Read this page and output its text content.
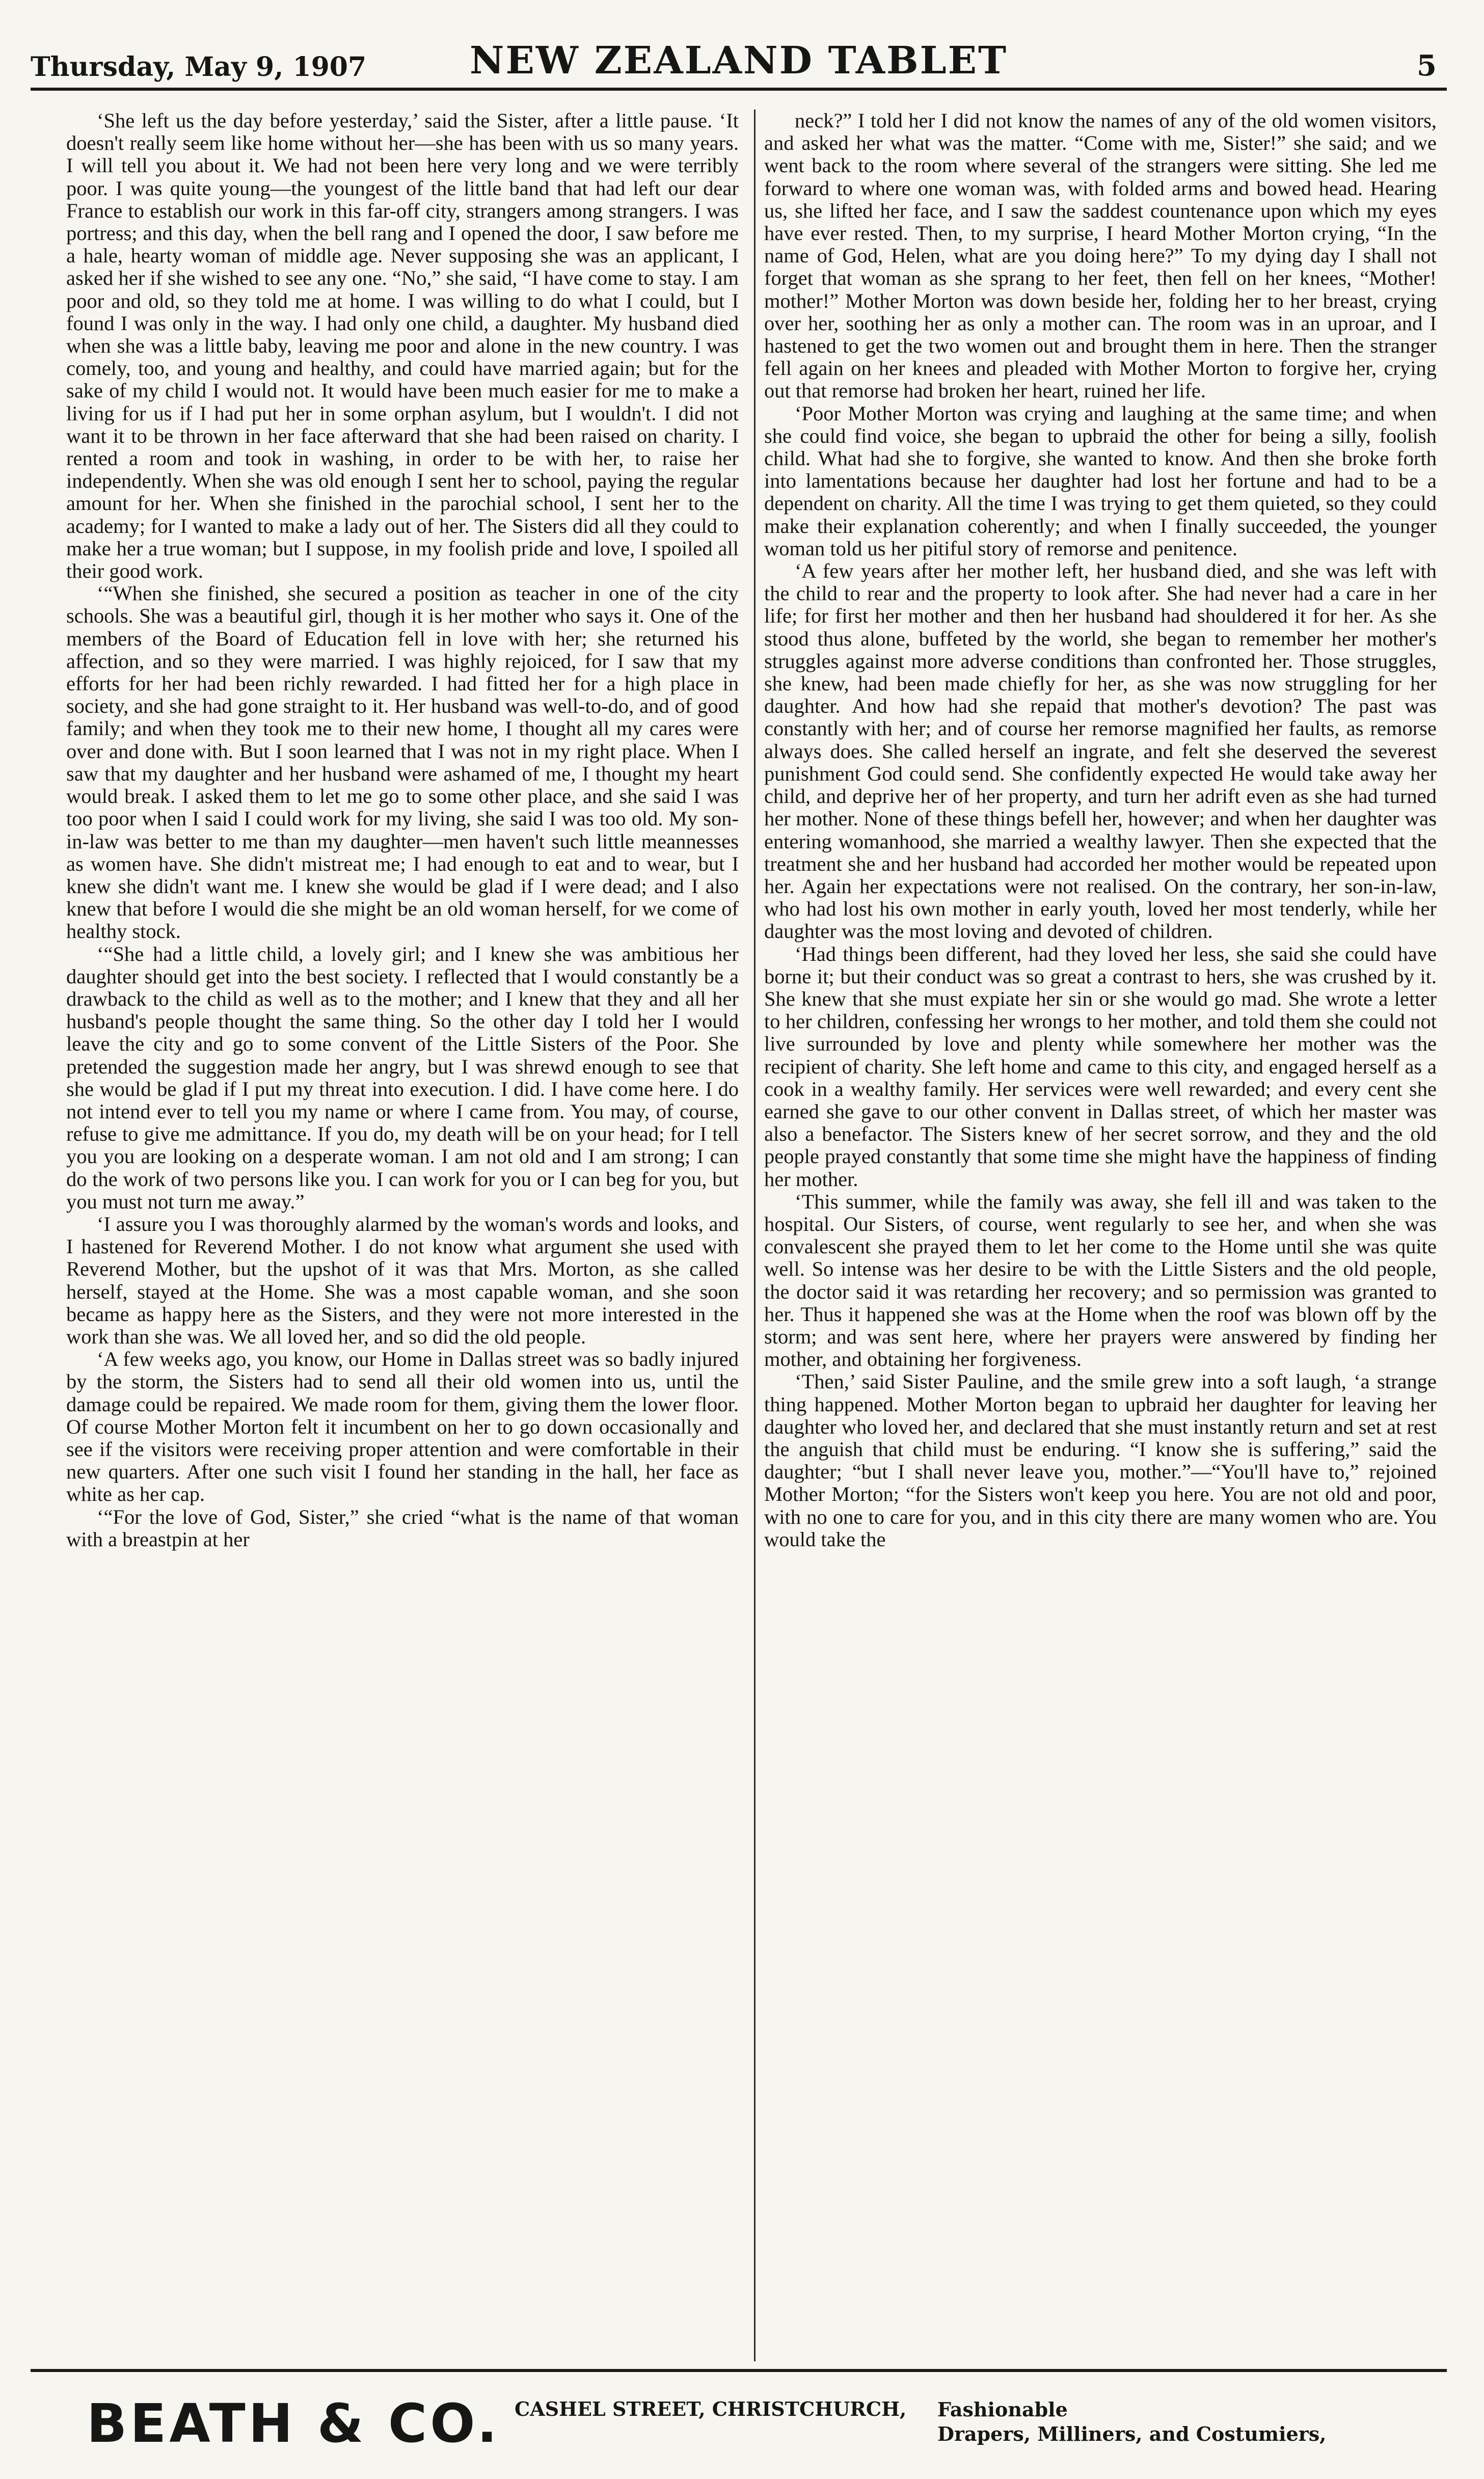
Thursday, May 9, 1907	NEW ZEALAND TABLET	5

‘She left us the day before yesterday,’ said the Sister, after a little pause. ‘It doesn't really seem like home without her—she has been with us so many years. I will tell you about it. We had not been here very long and we were terribly poor. I was quite young—the youngest of the little band that had left our dear France to establish our work in this far-off city, strangers among strangers. I was portress; and this day, when the bell rang and I opened the door, I saw before me a hale, hearty woman of middle age. Never supposing she was an applicant, I asked her if she wished to see any one. “No,” she said, “I have come to stay. I am poor and old, so they told me at home. I was willing to do what I could, but I found I was only in the way. I had only one child, a daughter. My husband died when she was a little baby, leaving me poor and alone in the new country. I was comely, too, and young and healthy, and could have married again; but for the sake of my child I would not. It would have been much easier for me to make a living for us if I had put her in some orphan asylum, but I wouldn't. I did not want it to be thrown in her face afterward that she had been raised on charity. I rented a room and took in washing, in order to be with her, to raise her independently. When she was old enough I sent her to school, paying the regular amount for her. When she finished in the parochial school, I sent her to the academy; for I wanted to make a lady out of her. The Sisters did all they could to make her a true woman; but I suppose, in my foolish pride and love, I spoiled all their good work.

‘“When she finished, she secured a position as teacher in one of the city schools. She was a beautiful girl, though it is her mother who says it. One of the members of the Board of Education fell in love with her; she returned his affection, and so they were married. I was highly rejoiced, for I saw that my efforts for her had been richly rewarded. I had fitted her for a high place in society, and she had gone straight to it. Her husband was well-to-do, and of good family; and when they took me to their new home, I thought all my cares were over and done with. But I soon learned that I was not in my right place. When I saw that my daughter and her husband were ashamed of me, I thought my heart would break. I asked them to let me go to some other place, and she said I was too poor when I said I could work for my living, she said I was too old. My son-in-law was better to me than my daughter—men haven't such little meannesses as women have. She didn't mistreat me; I had enough to eat and to wear, but I knew she didn't want me. I knew she would be glad if I were dead; and I also knew that before I would die she might be an old woman herself, for we come of healthy stock.

‘“She had a little child, a lovely girl; and I knew she was ambitious her daughter should get into the best society. I reflected that I would constantly be a drawback to the child as well as to the mother; and I knew that they and all her husband's people thought the same thing. So the other day I told her I would leave the city and go to some convent of the Little Sisters of the Poor. She pretended the suggestion made her angry, but I was shrewd enough to see that she would be glad if I put my threat into execution. I did. I have come here. I do not intend ever to tell you my name or where I came from. You may, of course, refuse to give me admittance. If you do, my death will be on your head; for I tell you you are looking on a desperate woman. I am not old and I am strong; I can do the work of two persons like you. I can work for you or I can beg for you, but you must not turn me away.”

‘I assure you I was thoroughly alarmed by the woman's words and looks, and I hastened for Reverend Mother. I do not know what argument she used with Reverend Mother, but the upshot of it was that Mrs. Morton, as she called herself, stayed at the Home. She was a most capable woman, and she soon became as happy here as the Sisters, and they were not more interested in the work than she was. We all loved her, and so did the old people.

‘A few weeks ago, you know, our Home in Dallas street was so badly injured by the storm, the Sisters had to send all their old women into us, until the damage could be repaired. We made room for them, giving them the lower floor. Of course Mother Morton felt it incumbent on her to go down occasionally and see if the visitors were receiving proper attention and were comfortable in their new quarters. After one such visit I found her standing in the hall, her face as white as her cap.

‘“For the love of God, Sister,” she cried “what is the name of that woman with a breastpin at her

neck?” I told her I did not know the names of any of the old women visitors, and asked her what was the matter. “Come with me, Sister!” she said; and we went back to the room where several of the strangers were sitting. She led me forward to where one woman was, with folded arms and bowed head. Hearing us, she lifted her face, and I saw the saddest countenance upon which my eyes have ever rested. Then, to my surprise, I heard Mother Morton crying, “In the name of God, Helen, what are you doing here?” To my dying day I shall not forget that woman as she sprang to her feet, then fell on her knees, “Mother! mother!” Mother Morton was down beside her, folding her to her breast, crying over her, soothing her as only a mother can. The room was in an uproar, and I hastened to get the two women out and brought them in here. Then the stranger fell again on her knees and pleaded with Mother Morton to forgive her, crying out that remorse had broken her heart, ruined her life.

‘Poor Mother Morton was crying and laughing at the same time; and when she could find voice, she began to upbraid the other for being a silly, foolish child. What had she to forgive, she wanted to know. And then she broke forth into lamentations because her daughter had lost her fortune and had to be a dependent on charity. All the time I was trying to get them quieted, so they could make their explanation coherently; and when I finally succeeded, the younger woman told us her pitiful story of remorse and penitence.

‘A few years after her mother left, her husband died, and she was left with the child to rear and the property to look after. She had never had a care in her life; for first her mother and then her husband had shouldered it for her. As she stood thus alone, buffeted by the world, she began to remember her mother's struggles against more adverse conditions than confronted her. Those struggles, she knew, had been made chiefly for her, as she was now struggling for her daughter. And how had she repaid that mother's devotion? The past was constantly with her; and of course her remorse magnified her faults, as remorse always does. She called herself an ingrate, and felt she deserved the severest punishment God could send. She confidently expected He would take away her child, and deprive her of her property, and turn her adrift even as she had turned her mother. None of these things befell her, however; and when her daughter was entering womanhood, she married a wealthy lawyer. Then she expected that the treatment she and her husband had accorded her mother would be repeated upon her. Again her expectations were not realised. On the contrary, her son-in-law, who had lost his own mother in early youth, loved her most tenderly, while her daughter was the most loving and devoted of children.

‘Had things been different, had they loved her less, she said she could have borne it; but their conduct was so great a contrast to hers, she was crushed by it. She knew that she must expiate her sin or she would go mad. She wrote a letter to her children, confessing her wrongs to her mother, and told them she could not live surrounded by love and plenty while somewhere her mother was the recipient of charity. She left home and came to this city, and engaged herself as a cook in a wealthy family. Her services were well rewarded; and every cent she earned she gave to our other convent in Dallas street, of which her master was also a benefactor. The Sisters knew of her secret sorrow, and they and the old people prayed constantly that some time she might have the happiness of finding her mother.

‘This summer, while the family was away, she fell ill and was taken to the hospital. Our Sisters, of course, went regularly to see her, and when she was convalescent she prayed them to let her come to the Home until she was quite well. So intense was her desire to be with the Little Sisters and the old people, the doctor said it was retarding her recovery; and so permission was granted to her. Thus it happened she was at the Home when the roof was blown off by the storm; and was sent here, where her prayers were answered by finding her mother, and obtaining her forgiveness.

‘Then,’ said Sister Pauline, and the smile grew into a soft laugh, ‘a strange thing happened. Mother Morton began to upbraid her daughter for leaving her daughter who loved her, and declared that she must instantly return and set at rest the anguish that child must be enduring. “I know she is suffering,” said the daughter; “but I shall never leave you, mother.”—“You'll have to,” rejoined Mother Morton; “for the Sisters won't keep you here. You are not old and poor, with no one to care for you, and in this city there are many women who are. You would take the

BEATH & CO. CASHEL STREET, CHRISTCHURCH, Fashionable
Drapers, Milliners, and Costumiers,
